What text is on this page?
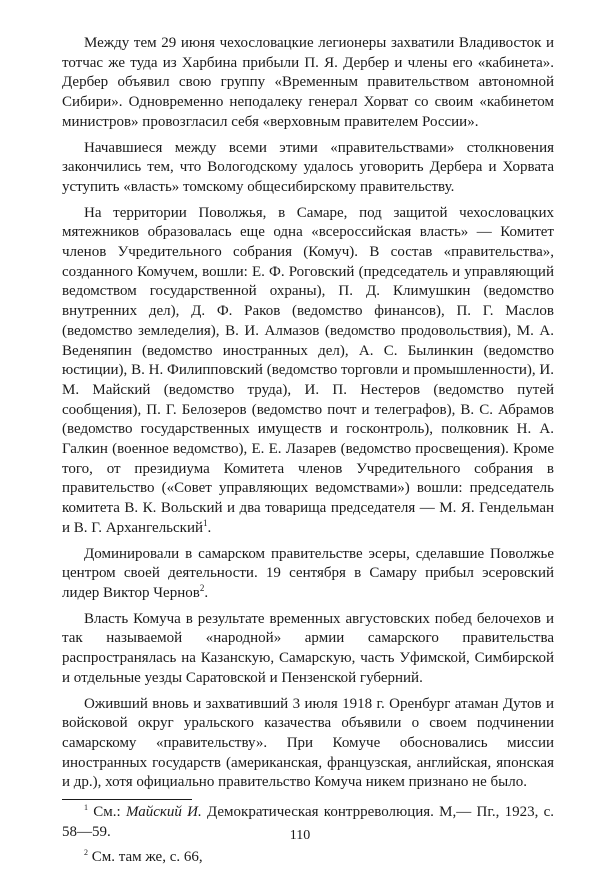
Между тем 29 июня чехословацкие легионеры захватили Владивосток и тотчас же туда из Харбина прибыли П. Я. Дербер и члены его «кабинета». Дербер объявил свою группу «Временным правительством автономной Сибири». Одновременно неподалеку генерал Хорват со своим «кабинетом министров» провозгласил себя «верховным правителем России».

Начавшиеся между всеми этими «правительствами» столкновения закончились тем, что Вологодскому удалось уговорить Дербера и Хорвата уступить «власть» томскому общесибирскому правительству.

На территории Поволжья, в Самаре, под защитой чехословацких мятежников образовалась еще одна «всероссийская власть» — Комитет членов Учредительного собрания (Комуч). В состав «правительства», созданного Комучем, вошли: Е. Ф. Роговский (председатель и управляющий ведомством государственной охраны), П. Д. Климушкин (ведомство внутренних дел), Д. Ф. Раков (ведомство финансов), П. Г. Маслов (ведомство земледелия), В. И. Алмазов (ведомство продовольствия), М. А. Веденяпин (ведомство иностранных дел), А. С. Былинкин (ведомство юстиции), В. Н. Филипповский (ведомство торговли и промышленности), И. М. Майский (ведомство труда), И. П. Нестеров (ведомство путей сообщения), П. Г. Белозеров (ведомство почт и телеграфов), В. С. Абрамов (ведомство государственных имуществ и госконтроль), полковник Н. А. Галкин (военное ведомство), Е. Е. Лазарев (ведомство просвещения). Кроме того, от президиума Комитета членов Учредительного собрания в правительство («Совет управляющих ведомствами») вошли: председатель комитета В. К. Вольский и два товарища председателя — М. Я. Гендельман и В. Г. Архангельский$^1$.

Доминировали в самарском правительстве эсеры, сделавшие Поволжье центром своей деятельности. 19 сентября в Самару прибыл эсеровский лидер Виктор Чернов$^2$.

Власть Комуча в результате временных августовских побед белочехов и так называемой «народной» армии самарского правительства распространялась на Казанскую, Самарскую, часть Уфимской, Симбирской и отдельные уезды Саратовской и Пензенской губерний.

Оживший вновь и захвативший 3 июля 1918 г. Оренбург атаман Дутов и войсковой округ уральского казачества объявили о своем подчинении самарскому «правительству». При Комуче обосновались миссии иностранных государств (американская, французская, английская, японская и др.), хотя официально правительство Комуча никем признано не было.

$^1$ См.: Майский И. Демократическая контрреволюция. М,— Пг., 1923, с. 58—59.

$^2$ См. там же, с. 66,

110
